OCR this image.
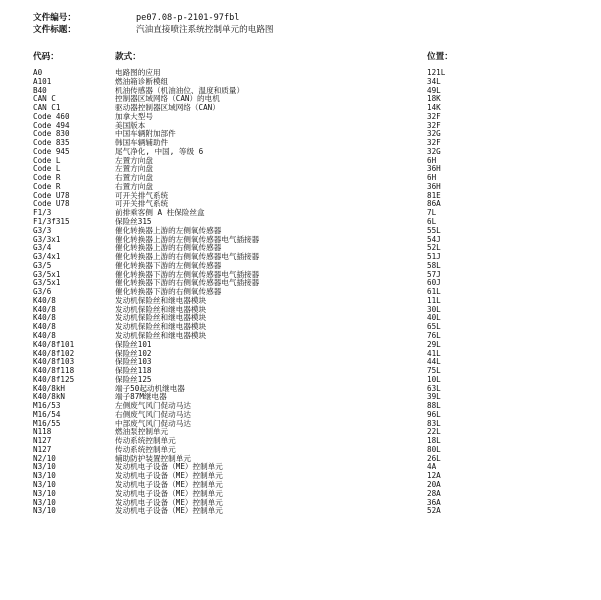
文件编号：	pe07.08-p-2101-97fbl
文件标题：	汽油直接喷注系统控制单元的电路图
代码：	款式：	位置：
A0	电路图的应用	121L
A101	燃油箱诊断模组	34L
B40	机油传感器（机油油位、温度和质量）	49L
CAN C	控制器区域网络（CAN）的电机	18K
CAN C1	驱动器控制器区域网络（CAN）	14K
Code 460	加拿大型号	32F
Code 494	美国版本	32F
Code 830	中国车辆附加部件	32G
Code 835	韩国车辆辅助件	32F
Code 945	尾气净化, 中国, 等级 6	32G
Code L	左置方向盘	6H
Code L	左置方向盘	36H
Code R	右置方向盘	6H
Code R	右置方向盘	36H
Code U78	可开关排气系统	81E
Code U78	可开关排气系统	86A
F1/3	前排乘客侧 A 柱保险丝盒	7L
F1/3f315	保险丝315	6L
G3/3	催化转换器上游的左侧氧传感器	55L
G3/3x1	催化转换器上游的左侧氧传感器电气插接器	54J
G3/4	催化转换器上游的右侧氧传感器	52L
G3/4x1	催化转换器上游的右侧氧传感器电气插接器	51J
G3/5	催化转换器下游的左侧氧传感器	58L
G3/5x1	催化转换器下游的左侧氧传感器电气插接器	57J
G3/5x1	催化转换器下游的右侧氧传感器电气插接器	60J
G3/6	催化转换器下游的右侧氧传感器	61L
K40/8	发动机保险丝和继电器模块	11L
K40/8	发动机保险丝和继电器模块	30L
K40/8	发动机保险丝和继电器模块	40L
K40/8	发动机保险丝和继电器模块	65L
K40/8	发动机保险丝和继电器模块	76L
K40/8f101	保险丝101	29L
K40/8f102	保险丝102	41L
K40/8f103	保险丝103	44L
K40/8f118	保险丝118	75L
K40/8f125	保险丝125	10L
K40/8kH	端子50起动机继电器	63L
K40/8kN	端子87M继电器	39L
M16/53	左侧废气风门促动马达	88L
M16/54	右侧废气风门促动马达	96L
M16/55	中部废气风门促动马达	83L
N118	燃油泵控制单元	22L
N127	传动系统控制单元	18L
N127	传动系统控制单元	80L
N2/10	辅助防护装置控制单元	26L
N3/10	发动机电子设备（ME）控制单元	4A
N3/10	发动机电子设备（ME）控制单元	12A
N3/10	发动机电子设备（ME）控制单元	20A
N3/10	发动机电子设备（ME）控制单元	28A
N3/10	发动机电子设备（ME）控制单元	36A
N3/10	发动机电子设备（ME）控制单元	52A
